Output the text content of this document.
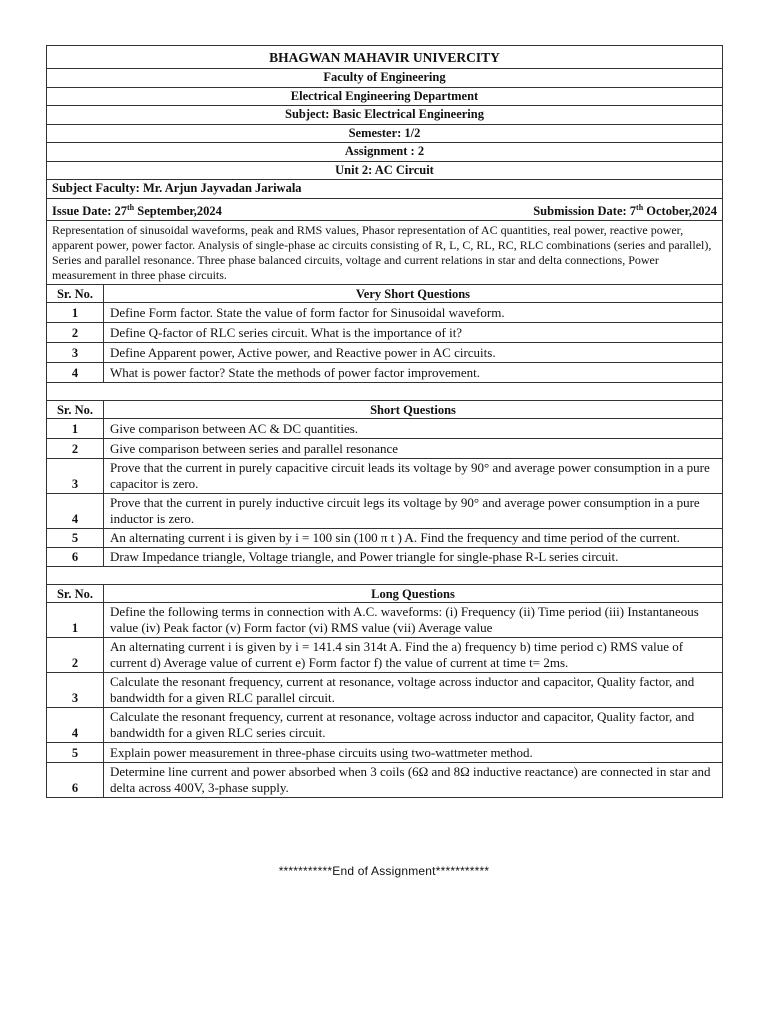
BHAGWAN MAHAVIR UNIVERCITY	
Faculty of Engineering	
Electrical Engineering Department	
Subject: Basic Electrical Engineering	
Semester: 1/2	
Assignment : 2	
Unit 2: AC Circuit	
Subject Faculty: Mr. Arjun Jayvadan Jariwala	

Issue Date: 27th September,2024 Submission Date: 7th October,2024	

Representation of sinusoidal waveforms, peak and RMS values, Phasor representation of AC quantities, real power, reactive power, apparent power, power factor. Analysis of single-phase ac circuits consisting of R, L, C, RL, RC, RLC combinations (series and parallel), Series and parallel resonance. Three phase balanced circuits, voltage and current relations in star and delta connections, Power measurement in three phase circuits.	
Sr. No.	Very Short Questions
1	Define Form factor. State the value of form factor for Sinusoidal waveform.
2	Define Q-factor of RLC series circuit. What is the importance of it?
3	Define Apparent power, Active power, and Reactive power in AC circuits.
4	What is power factor? State the methods of power factor improvement.

Sr. No.	Short Questions
1	Give comparison between AC & DC quantities.
2	Give comparison between series and parallel resonance
3	Prove that the current in purely capacitive circuit leads its voltage by 90° and average power consumption in a pure capacitor is zero.
4	Prove that the current in purely inductive circuit legs its voltage by 90° and average power consumption in a pure inductor is zero.
5	An alternating current i is given by i = 100 sin (100 π t ) A. Find the frequency and time period of the current.
6	Draw Impedance triangle, Voltage triangle, and Power triangle for single-phase R-L series circuit.

Sr. No.	Long Questions
1	Define the following terms in connection with A.C. waveforms: (i) Frequency (ii) Time period (iii) Instantaneous value (iv) Peak factor (v) Form factor (vi) RMS value (vii) Average value
2	An alternating current i is given by i = 141.4 sin 314t A. Find the a) frequency b) time period c) RMS value of current d) Average value of current e) Form factor f) the value of current at time t= 2ms.
3	Calculate the resonant frequency, current at resonance, voltage across inductor and capacitor, Quality factor, and bandwidth for a given RLC parallel circuit.
4	Calculate the resonant frequency, current at resonance, voltage across inductor and capacitor, Quality factor, and bandwidth for a given RLC series circuit.
5	Explain power measurement in three-phase circuits using two-wattmeter method.
6	Determine line current and power absorbed when 3 coils (6Ω and 8Ω inductive reactance) are connected in star and delta across 400V, 3-phase supply.
***********End of Assignment***********
